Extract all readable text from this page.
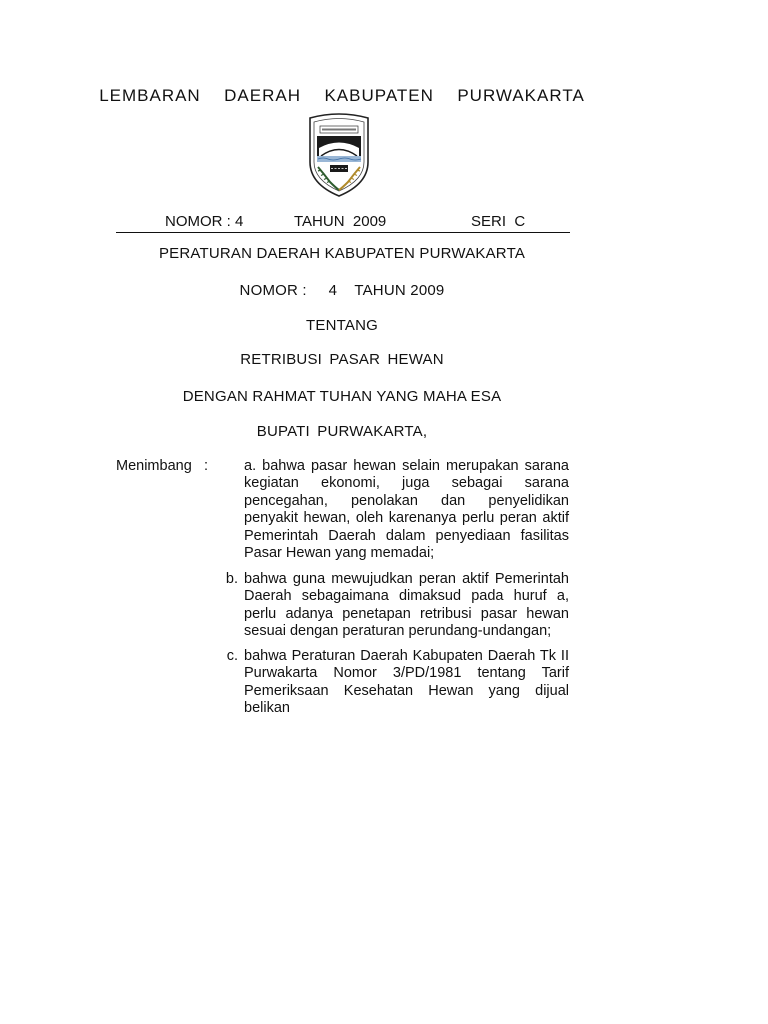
LEMBARAN  DAERAH  KABUPATEN  PURWAKARTA
NOMOR : 4	TAHUN  2009	SERI  C
PERATURAN DAERAH KABUPATEN PURWAKARTA
NOMOR :     4    TAHUN 2009
TENTANG
RETRIBUSI PASAR HEWAN
DENGAN RAHMAT TUHAN YANG MAHA ESA
BUPATI PURWAKARTA,
Menimbang : a. bahwa pasar hewan selain merupakan sarana kegiatan ekonomi, juga sebagai sarana pencegahan, penolakan dan penyelidikan penyakit hewan, oleh karenanya perlu peran aktif Pemerintah Daerah dalam penyediaan fasilitas Pasar Hewan yang memadai;
b. bahwa guna mewujudkan peran aktif Pemerintah Daerah sebagaimana dimaksud pada huruf a, perlu adanya penetapan retribusi pasar hewan sesuai dengan peraturan perundang-undangan;
c. bahwa Peraturan Daerah Kabupaten Daerah Tk II Purwakarta Nomor 3/PD/1981 tentang Tarif Pemeriksaan Kesehatan Hewan yang dijual belikan
